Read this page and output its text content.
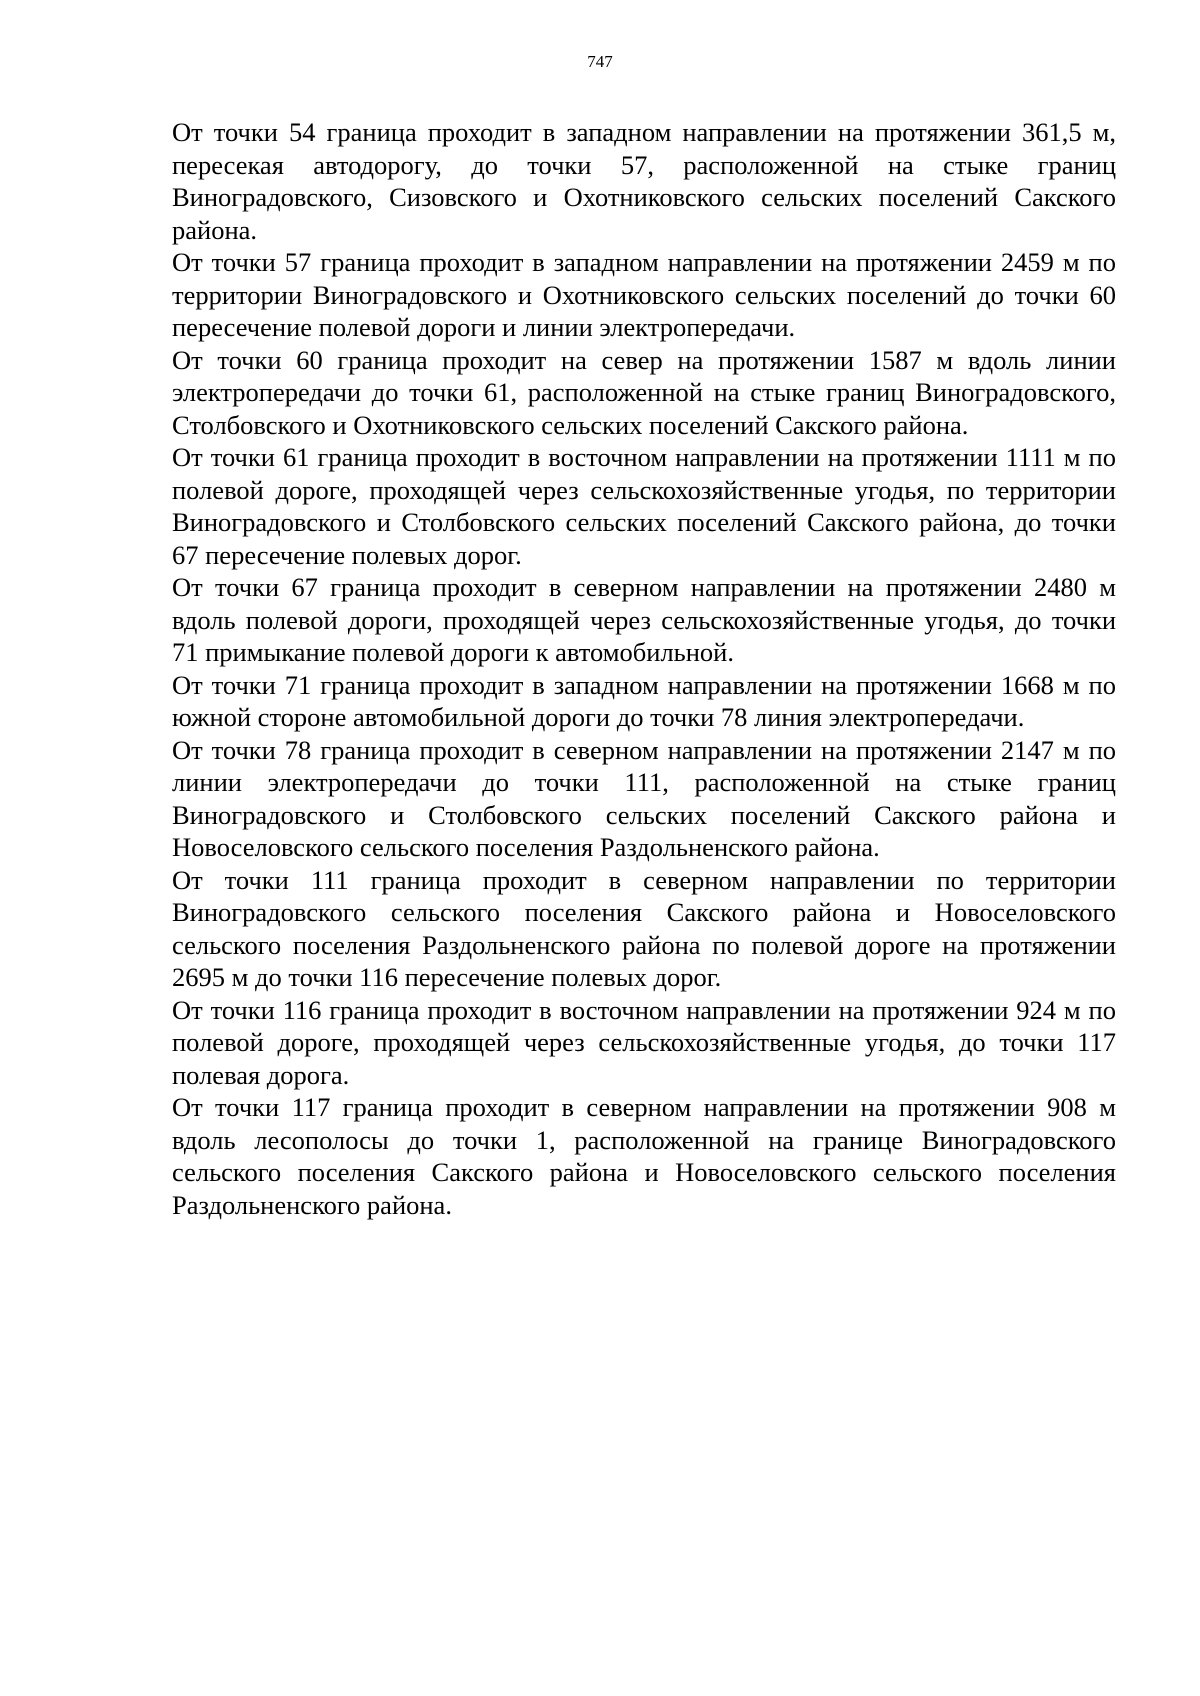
747

От точки 54 граница проходит в западном направлении на протяжении 361,5 м, пересекая автодорогу, до точки 57, расположенной на стыке границ Виноградовского, Сизовского и Охотниковского сельских поселений Сакского района.

От точки 57 граница проходит в западном направлении на протяжении 2459 м по территории Виноградовского и Охотниковского сельских поселений до точки 60 пересечение полевой дороги и линии электропередачи.

От точки 60 граница проходит на север на протяжении 1587 м вдоль линии электропередачи до точки 61, расположенной на стыке границ Виноградовского, Столбовского и Охотниковского сельских поселений Сакского района.

От точки 61 граница проходит в восточном направлении на протяжении 1111 м по полевой дороге, проходящей через сельскохозяйственные угодья, по территории Виноградовского и Столбовского сельских поселений Сакского района, до точки 67 пересечение полевых дорог.

От точки 67 граница проходит в северном направлении на протяжении 2480 м вдоль полевой дороги, проходящей через сельскохозяйственные угодья, до точки 71 примыкание полевой дороги к автомобильной.

От точки 71 граница проходит в западном направлении на протяжении 1668 м по южной стороне автомобильной дороги до точки 78 линия электропередачи.

От точки 78 граница проходит в северном направлении на протяжении 2147 м по линии электропередачи до точки 111, расположенной на стыке границ Виноградовского и Столбовского сельских поселений Сакского района и Новоселовского сельского поселения Раздольненского района.

От точки 111 граница проходит в северном направлении по территории Виноградовского сельского поселения Сакского района и Новоселовского сельского поселения Раздольненского района по полевой дороге на протяжении 2695 м до точки 116 пересечение полевых дорог.

От точки 116 граница проходит в восточном направлении на протяжении 924 м по полевой дороге, проходящей через сельскохозяйственные угодья, до точки 117 полевая дорога.

От точки 117 граница проходит в северном направлении на протяжении 908 м вдоль лесополосы до точки 1, расположенной на границе Виноградовского сельского поселения Сакского района и Новоселовского сельского поселения Раздольненского района.
